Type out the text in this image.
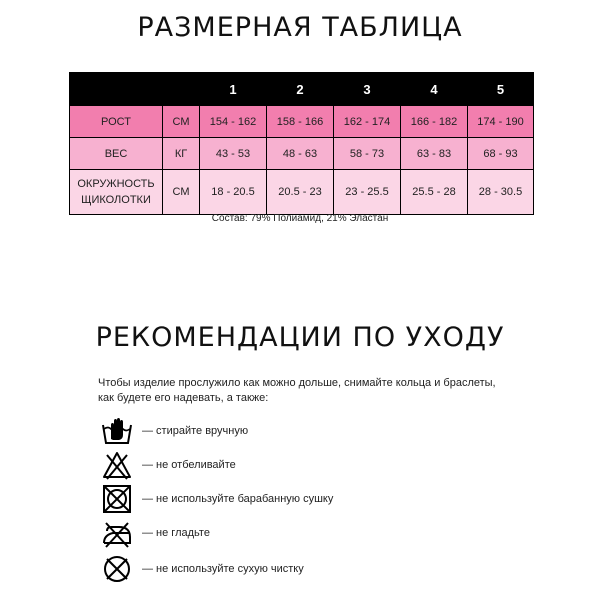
РАЗМЕРНАЯ ТАБЛИЦА
		1	2	3	4	5
РОСТ	СМ	154 - 162	158 - 166	162 - 174	166 - 182	174 - 190
ВЕС	КГ	43 - 53	48 - 63	58 - 73	63 - 83	68 - 93
ОКРУЖНОСТЬ
ЩИКОЛОТКИ	СМ	18 - 20.5	20.5 - 23	23 - 25.5	25.5 - 28	28 - 30.5
Состав: 79% Полиамид, 21% Эластан
РЕКОМЕНДАЦИИ ПО УХОДУ
Чтобы изделие прослужило как можно дольше, снимайте кольца и браслеты,
как будете его надевать, а также:
— стирайте вручную
— не отбеливайте
— не используйте барабанную сушку
— не гладьте
— не используйте сухую чистку
